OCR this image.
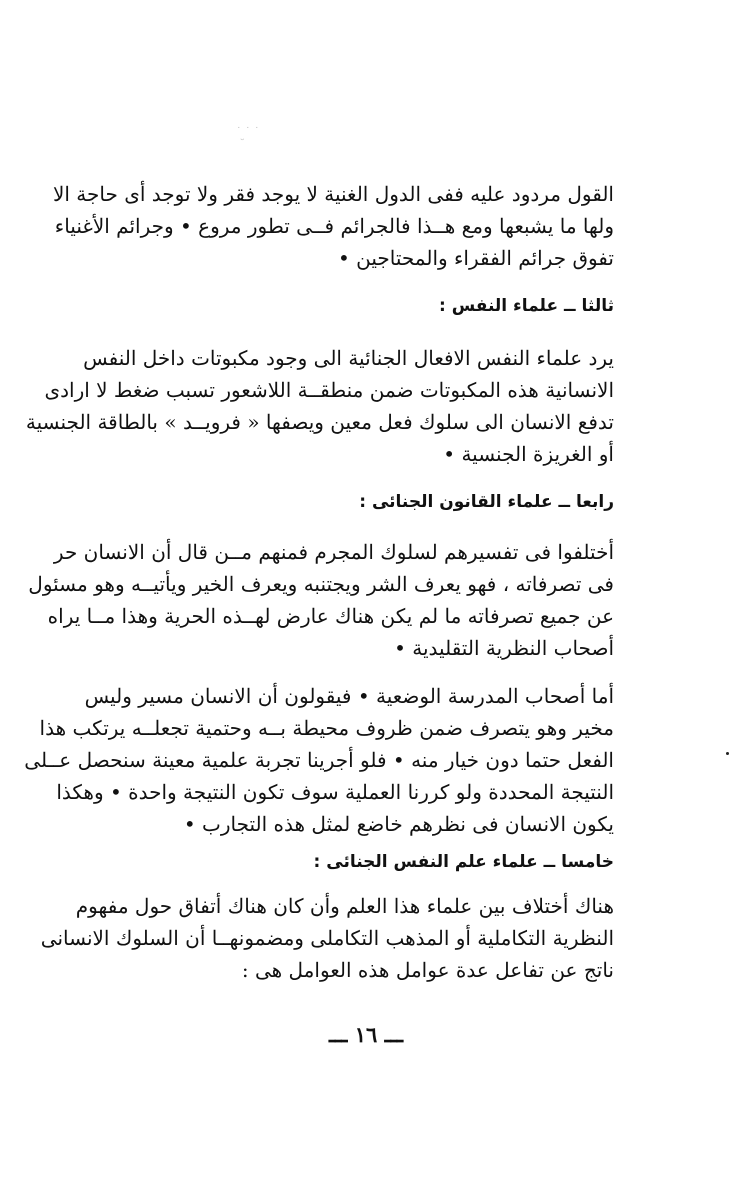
˙ ˙ ˙
˘
القول مردود عليه ففى الدول الغنية لا يوجد فقر ولا توجد أى حاجة الا
ولها ما يشبعها ومع هــذا فالجرائم فــى تطور مروع • وجرائم الأغنياء
تفوق جرائم الفقراء والمحتاجين •
ثالثا ــ علماء النفس :
يرد علماء النفس الافعال الجنائية الى وجود مكبوتات داخل النفس
الانسانية هذه المكبوتات ضمن منطقــة اللاشعور تسبب ضغط لا ارادى
تدفع الانسان الى سلوك فعل معين ويصفها « فرويــد » بالطاقة الجنسية
أو الغريزة الجنسية •
رابعا ــ علماء القانون الجنائى :
أختلفوا فى تفسيرهم لسلوك المجرم فمنهم مــن قال أن الانسان حر
فى تصرفاته ، فهو يعرف الشر ويجتنبه ويعرف الخير ويأتيــه وهو مسئول
عن جميع تصرفاته ما لم يكن هناك عارض لهــذه الحرية وهذا مــا يراه
أصحاب النظرية التقليدية •
أما أصحاب المدرسة الوضعية • فيقولون أن الانسان مسير وليس
مخير وهو يتصرف ضمن ظروف محيطة بــه وحتمية تجعلــه يرتكب هذا
الفعل حتما دون خيار منه • فلو أجرينا تجربة علمية معينة سنحصل عــلى
النتيجة المحددة ولو كررنا العملية سوف تكون النتيجة واحدة • وهكذا
يكون الانسان فى نظرهم خاضع لمثل هذه التجارب •
خامسا ــ علماء علم النفس الجنائى :
هناك أختلاف بين علماء هذا العلم وأن كان هناك أتفاق حول مفهوم
النظرية التكاملية أو المذهب التكاملى ومضمونهــا أن السلوك الانسانى
ناتج عن تفاعل عدة عوامل هذه العوامل هى :
ـــ ١٦ ـــ
